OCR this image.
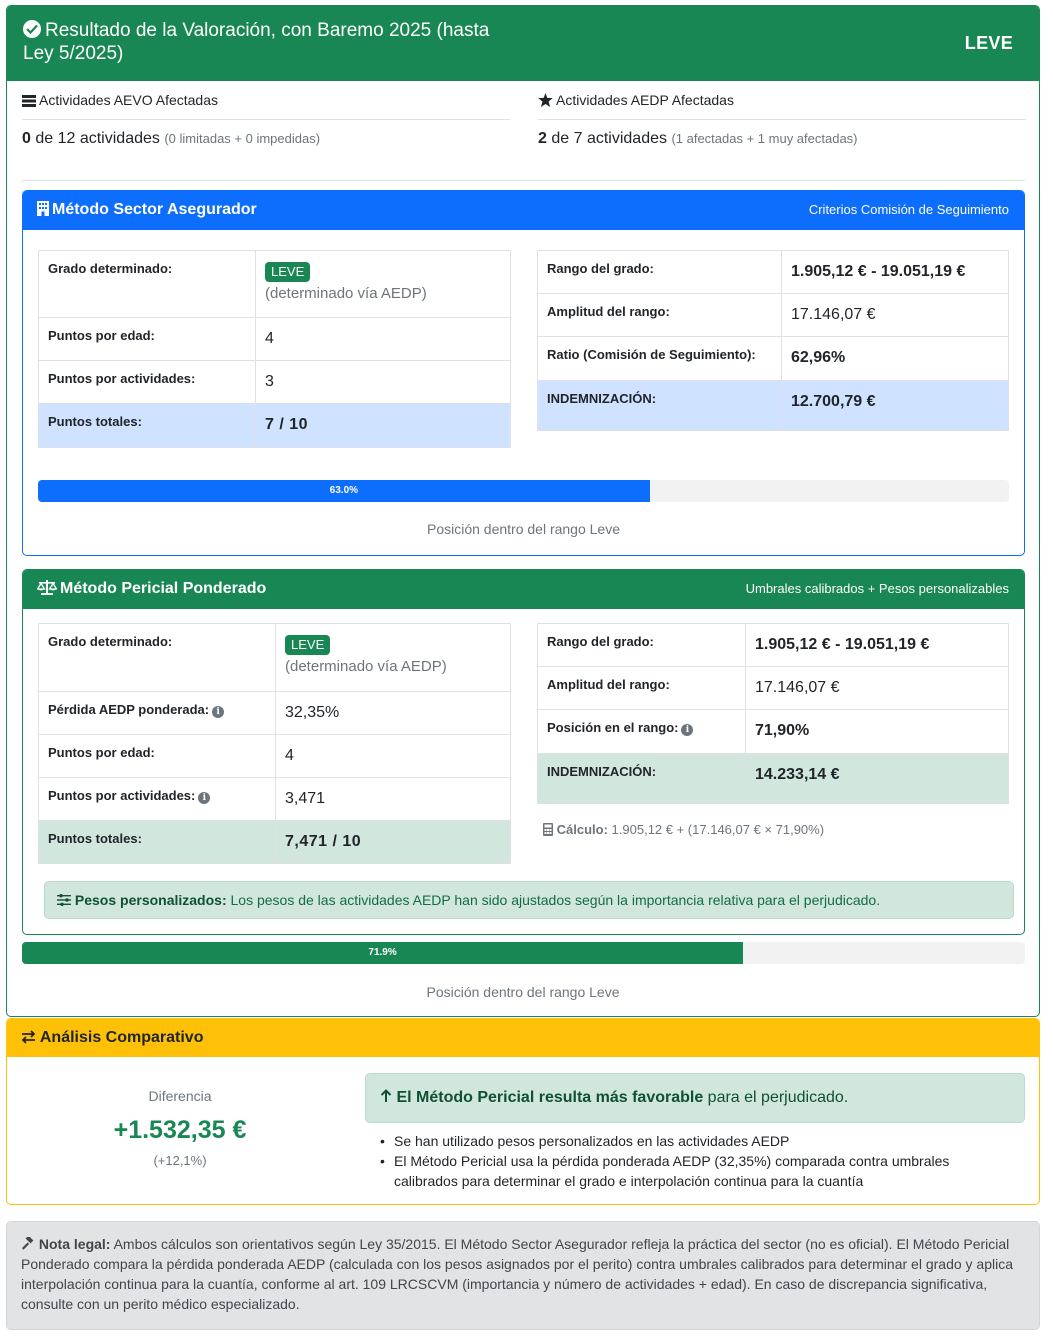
Resultado de la Valoración, con Baremo 2025 (hasta Ley 5/2025)	LEVE
Actividades AEVO Afectadas
0 de 12 actividades (0 limitadas + 0 impedidas)
Actividades AEDP Afectadas
2 de 7 actividades (1 afectadas + 1 muy afectadas)
Método Sector Asegurador	Criterios Comisión de Seguimiento
Grado determinado:	LEVE
(determinado vía AEDP)

Puntos por edad:	4
Puntos por actividades:	3
Puntos totales:	7 / 10
Rango del grado:	1.905,12 € - 19.051,19 €
Amplitud del rango:	17.146,07 €
Ratio (Comisión de Seguimiento):	62,96%
INDEMNIZACIÓN:	12.700,79 €
63.0%
Posición dentro del rango Leve
Método Pericial Ponderado	Umbrales calibrados + Pesos personalizables
Grado determinado:	LEVE
(determinado vía AEDP)

Pérdida AEDP ponderada: i	32,35%
Puntos por edad:	4
Puntos por actividades: i	3,471
Puntos totales:	7,471 / 10
Rango del grado:	1.905,12 € - 19.051,19 €
Amplitud del rango:	17.146,07 €
Posición en el rango: i	71,90%
INDEMNIZACIÓN:	14.233,14 €
Cálculo: 1.905,12 € + (17.146,07 € × 71,90%)
Pesos personalizados: Los pesos de las actividades AEDP han sido ajustados según la importancia relativa para el perjudicado.
71.9%
Posición dentro del rango Leve
Análisis Comparativo
Diferencia
+1.532,35 €
(+12,1%)
El Método Pericial resulta más favorable para el perjudicado.
• Se han utilizado pesos personalizados en las actividades AEDP
• El Método Pericial usa la pérdida ponderada AEDP (32,35%) comparada contra umbrales calibrados para determinar el grado e interpolación continua para la cuantía
Nota legal: Ambos cálculos son orientativos según Ley 35/2015. El Método Sector Asegurador refleja la práctica del sector (no es oficial). El Método Pericial Ponderado compara la pérdida ponderada AEDP (calculada con los pesos asignados por el perito) contra umbrales calibrados para determinar el grado y aplica interpolación continua para la cuantía, conforme al art. 109 LRCSCVM (importancia y número de actividades + edad). En caso de discrepancia significativa, consulte con un perito médico especializado.
